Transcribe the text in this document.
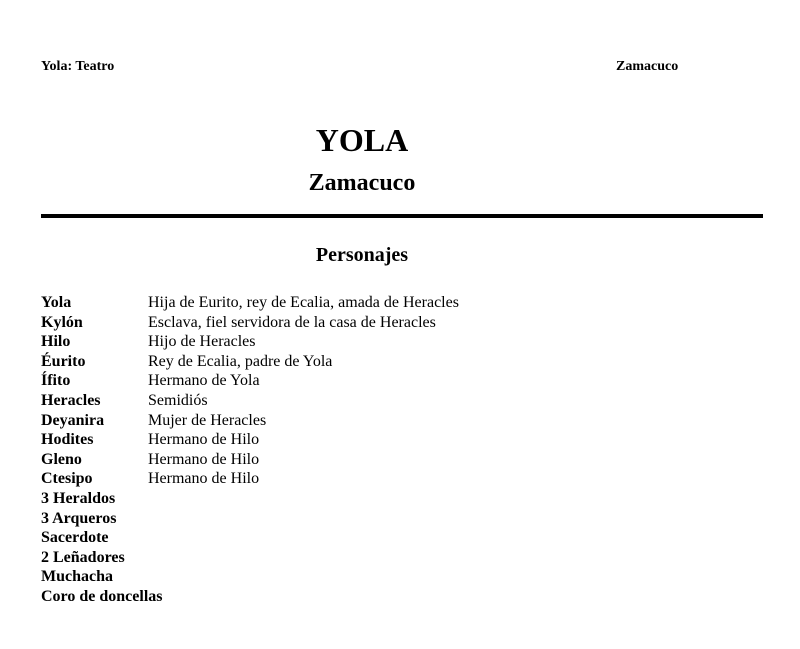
Yola: Teatro	Zamacuco
YOLA
Zamacuco
Personajes
Yola	Hija de Eurito, rey de Ecalia, amada de Heracles
Kylón	Esclava, fiel servidora de la casa de Heracles
Hilo	Hijo de Heracles
Éurito	Rey de Ecalia, padre de Yola
Ífito	Hermano de Yola
Heracles	Semidiós
Deyanira	Mujer de Heracles
Hodites	Hermano de Hilo
Gleno	Hermano de Hilo
Ctesipo	Hermano de Hilo
3 Heraldos
3 Arqueros
Sacerdote
2 Leñadores
Muchacha
Coro de doncellas
